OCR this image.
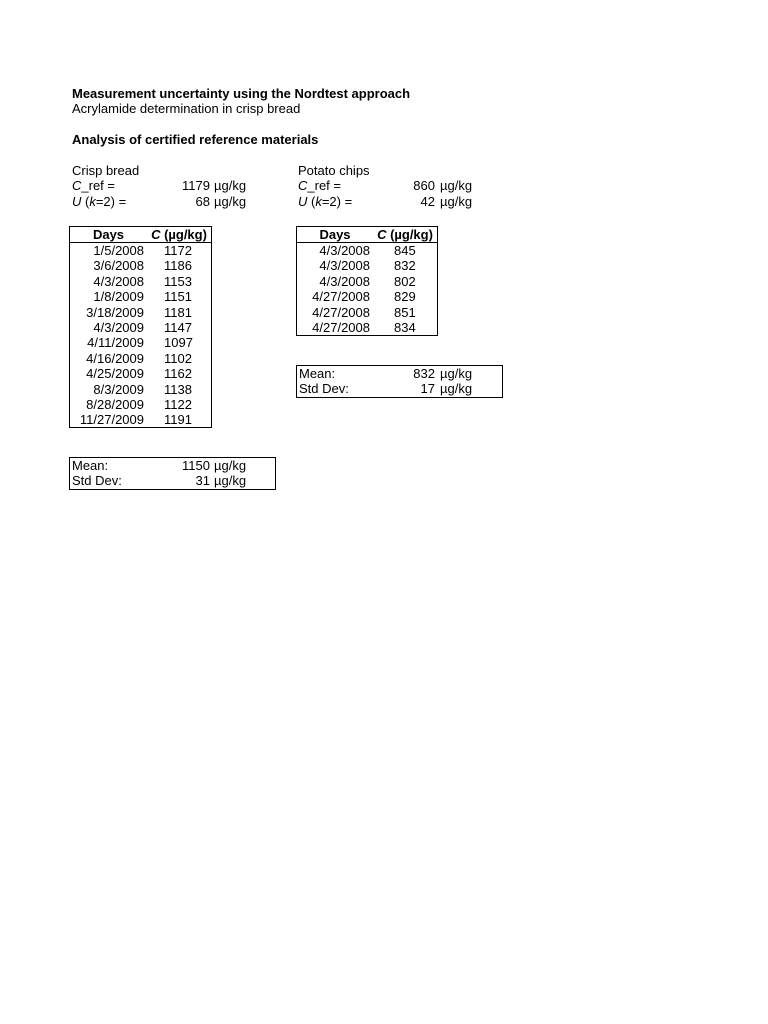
Measurement uncertainty using the Nordtest approach
Acrylamide determination in crisp bread
Analysis of certified reference materials
Crisp bread
C_ref =	1179 µg/kg
U (k=2) =	68 µg/kg
Potato chips
C_ref =	860 µg/kg
U (k=2) =	42 µg/kg
Days	C (µg/kg)
1/5/2008 1172
3/6/2008 1186
4/3/2008 1153
1/8/2009 1151
3/18/2009 1181
4/3/2009 1147
4/11/2009 1097
4/16/2009 1102
4/25/2009 1162
8/3/2009 1138
8/28/2009 1122
11/27/2009 1191
Days	C (µg/kg)
4/3/2008 845
4/3/2008 832
4/3/2008 802
4/27/2008 829
4/27/2008 851
4/27/2008 834
Mean:	832 µg/kg
Std Dev:	17 µg/kg
Mean:	1150 µg/kg
Std Dev:	31 µg/kg
